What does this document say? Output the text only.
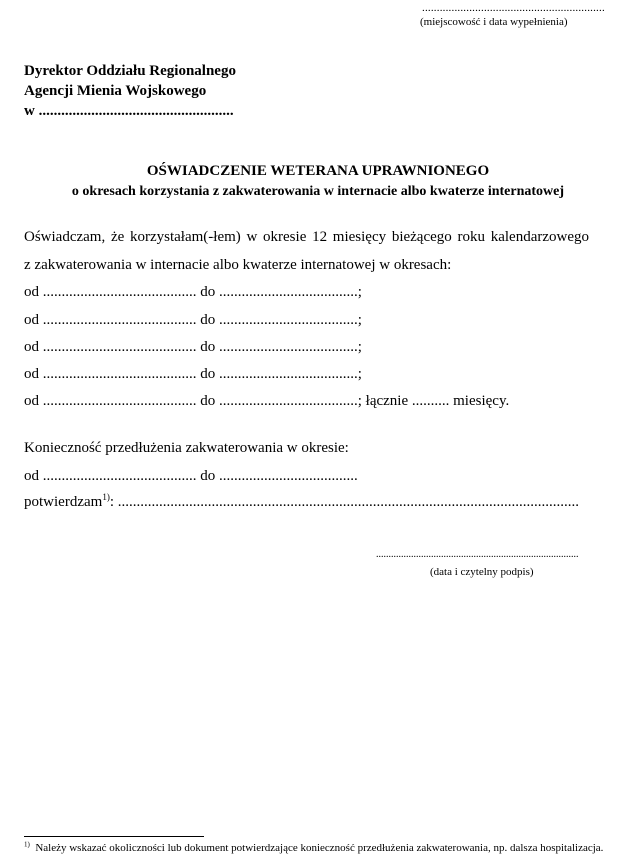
..............................................................
(miejscowość i data wypełnienia)
Dyrektor Oddziału Regionalnego
Agencji Mienia Wojskowego
w ....................................................
OŚWIADCZENIE WETERANA UPRAWNIONEGO
o okresach korzystania z zakwaterowania w internacie albo kwaterze internatowej
Oświadczam, że korzystałam(-łem) w okresie 12 miesięcy bieżącego roku kalendarzowego
z zakwaterowania w internacie albo kwaterze internatowej w okresach:
od ......................................... do .....................................;
od ......................................... do .....................................;
od ......................................... do .....................................;
od ......................................... do .....................................;
od ......................................... do .....................................; łącznie .......... miesięcy.
Konieczność przedłużenia zakwaterowania w okresie:
od ......................................... do .....................................
potwierdzam$^{1)}$: ...........................................................................................................................
.................................................................................
(data i czytelny podpis)
$^{1)}$ Należy wskazać okoliczności lub dokument potwierdzające konieczność przedłużenia zakwaterowania, np. dalsza hospitalizacja.
